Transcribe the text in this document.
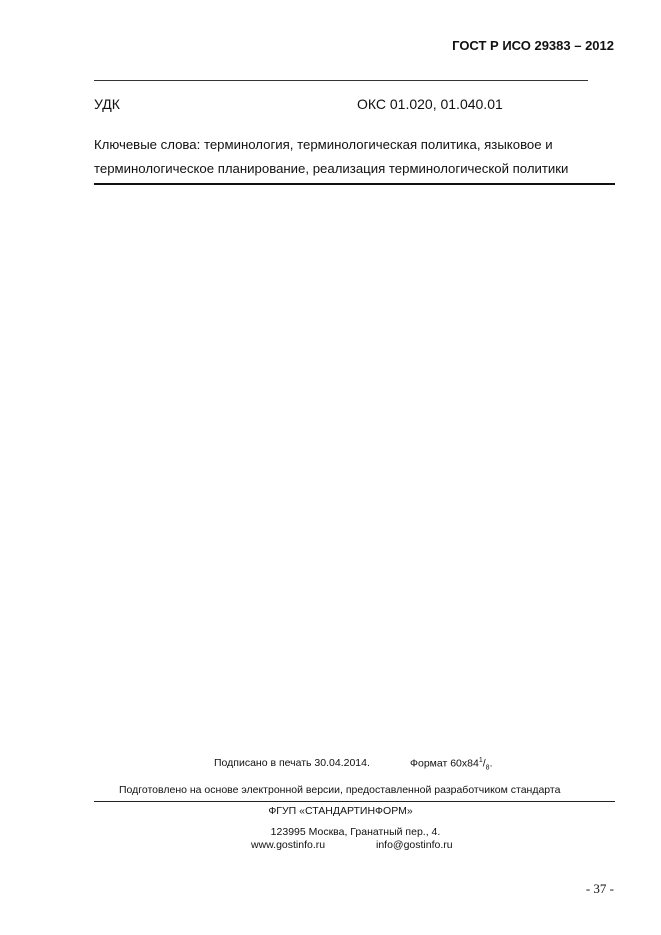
ГОСТ Р ИСО 29383 – 2012
УДК	ОКС 01.020, 01.040.01
Ключевые слова: терминология, терминологическая политика, языковое и
терминологическое планирование, реализация терминологической политики
Подписано в печать 30.04.2014.	Формат $60х84^1/_8$.
Подготовлено на основе электронной версии, предоставленной разработчиком стандарта
ФГУП «СТАНДАРТИНФОРМ»
123995 Москва, Гранатный пер., 4.
www.gostinfo.ru	info@gostinfo.ru
- 37 -
